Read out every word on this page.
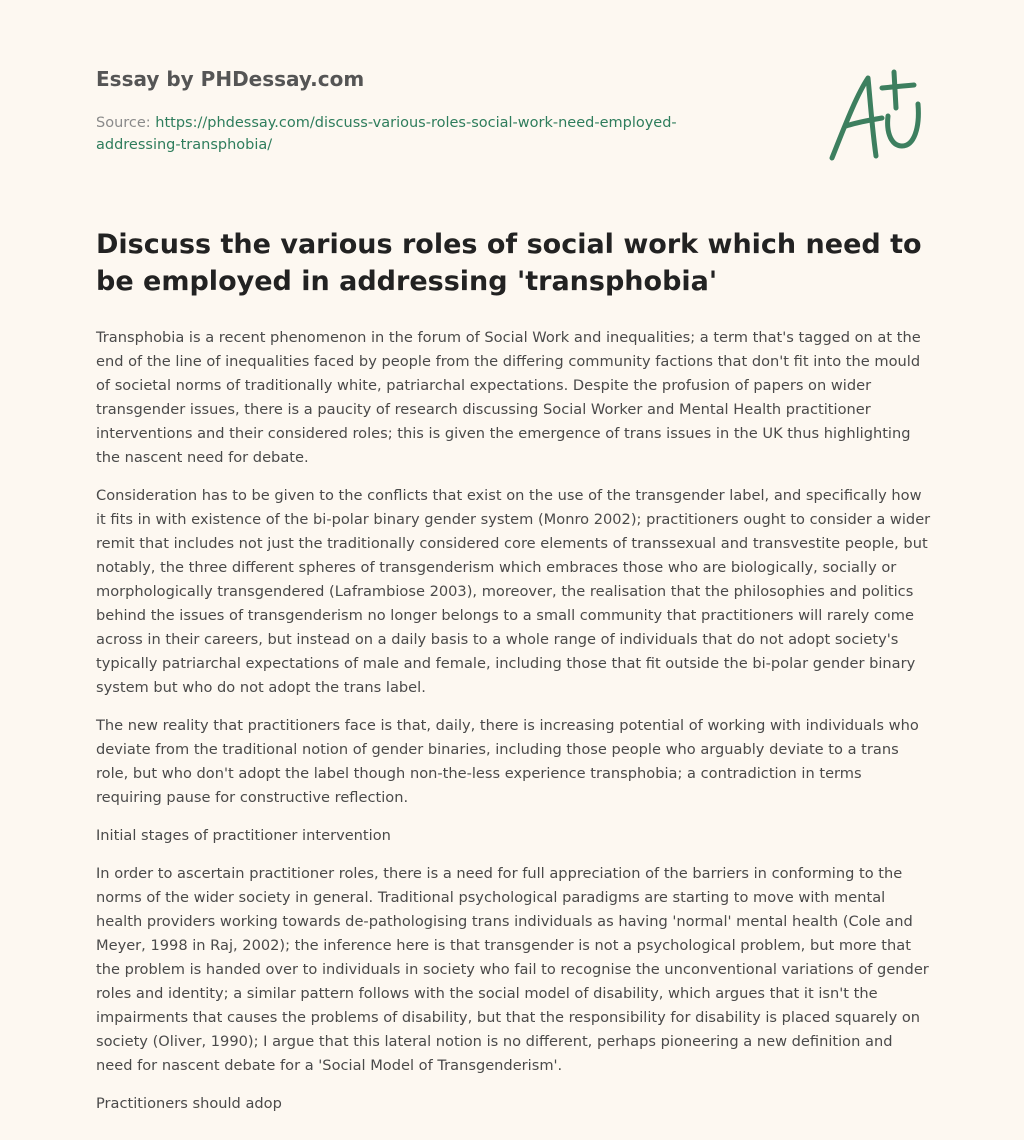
Essay by PHDessay.com
Source: https://phdessay.com/discuss-various-roles-social-work-need-employed-addressing-transphobia/
Discuss the various roles of social work which need to be employed in addressing 'transphobia'

Transphobia is a recent phenomenon in the forum of Social Work and inequalities; a term that's tagged on at the end of the line of inequalities faced by people from the differing community factions that don't fit into the mould of societal norms of traditionally white, patriarchal expectations. Despite the profusion of papers on wider transgender issues, there is a paucity of research discussing Social Worker and Mental Health practitioner interventions and their considered roles; this is given the emergence of trans issues in the UK thus highlighting the nascent need for debate.

Consideration has to be given to the conflicts that exist on the use of the transgender label, and specifically how it fits in with existence of the bi-polar binary gender system (Monro 2002); practitioners ought to consider a wider remit that includes not just the traditionally considered core elements of transsexual and transvestite people, but notably, the three different spheres of transgenderism which embraces those who are biologically, socially or morphologically transgendered (Laframbiose 2003), moreover, the realisation that the philosophies and politics behind the issues of transgenderism no longer belongs to a small community that practitioners will rarely come across in their careers, but instead on a daily basis to a whole range of individuals that do not adopt society's typically patriarchal expectations of male and female, including those that fit outside the bi-polar gender binary system but who do not adopt the trans label.

The new reality that practitioners face is that, daily, there is increasing potential of working with individuals who deviate from the traditional notion of gender binaries, including those people who arguably deviate to a trans role, but who don't adopt the label though non-the-less experience transphobia; a contradiction in terms requiring pause for constructive reflection.

Initial stages of practitioner intervention

In order to ascertain practitioner roles, there is a need for full appreciation of the barriers in conforming to the norms of the wider society in general. Traditional psychological paradigms are starting to move with mental health providers working towards de-pathologising trans individuals as having 'normal' mental health (Cole and Meyer, 1998 in Raj, 2002); the inference here is that transgender is not a psychological problem, but more that the problem is handed over to individuals in society who fail to recognise the unconventional variations of gender roles and identity; a similar pattern follows with the social model of disability, which argues that it isn't the impairments that causes the problems of disability, but that the responsibility for disability is placed squarely on society (Oliver, 1990); I argue that this lateral notion is no different, perhaps pioneering a new definition and need for nascent debate for a 'Social Model of Transgenderism'.

Practitioners should adop
